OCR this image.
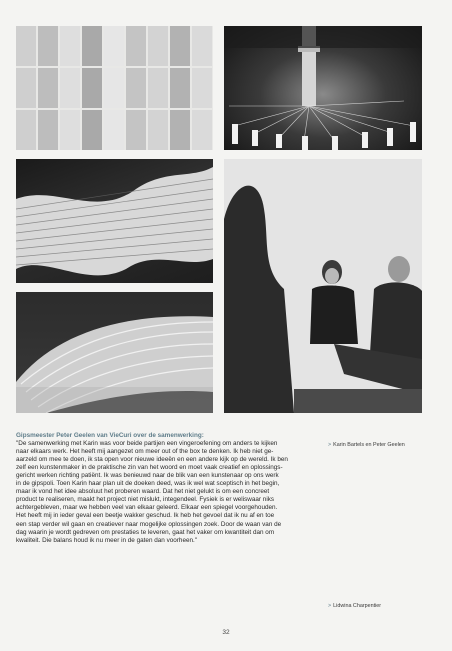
Gipsmeester Peter Geelen van VieCuri over de samenwerking:
"De samenwerking met Karin was voor beide partijen een vingeroefening om anders te kijken
naar elkaars werk. Het heeft mij aangezet om meer out of the box te denken. Ik heb niet ge-
aarzeld om mee te doen, ik sta open voor nieuwe ideeën en een andere kijk op de wereld. Ik ben
zelf een kunstenmaker in de praktische zin van het woord en moet vaak creatief en oplossings-
gericht werken richting patiënt. Ik was benieuwd naar de blik van een kunstenaar op ons werk
in de gipspoli. Toen Karin haar plan uit de doeken deed, was ik wel wat sceptisch in het begin,
maar ik vond het idee absoluut het proberen waard. Dat het niet gelukt is om een concreet
product te realiseren, maakt het project niet mislukt, integendeel. Fysiek is er weliswaar niks
achtergebleven, maar we hebben veel van elkaar geleerd. Elkaar een spiegel voorgehouden.
Het heeft mij in ieder geval een beetje wakker geschud. Ik heb het gevoel dat ik nu af en toe
een stap verder wil gaan en creatiever naar mogelijke oplossingen zoek. Door de waan van de
dag waarin je wordt gedreven om prestaties te leveren, gaat het vaker om kwantiteit dan om
kwaliteit. Die balans houd ik nu meer in de gaten dan voorheen."
> Karin Bartels en Peter Geelen
> Lidwina Charpentier
32
